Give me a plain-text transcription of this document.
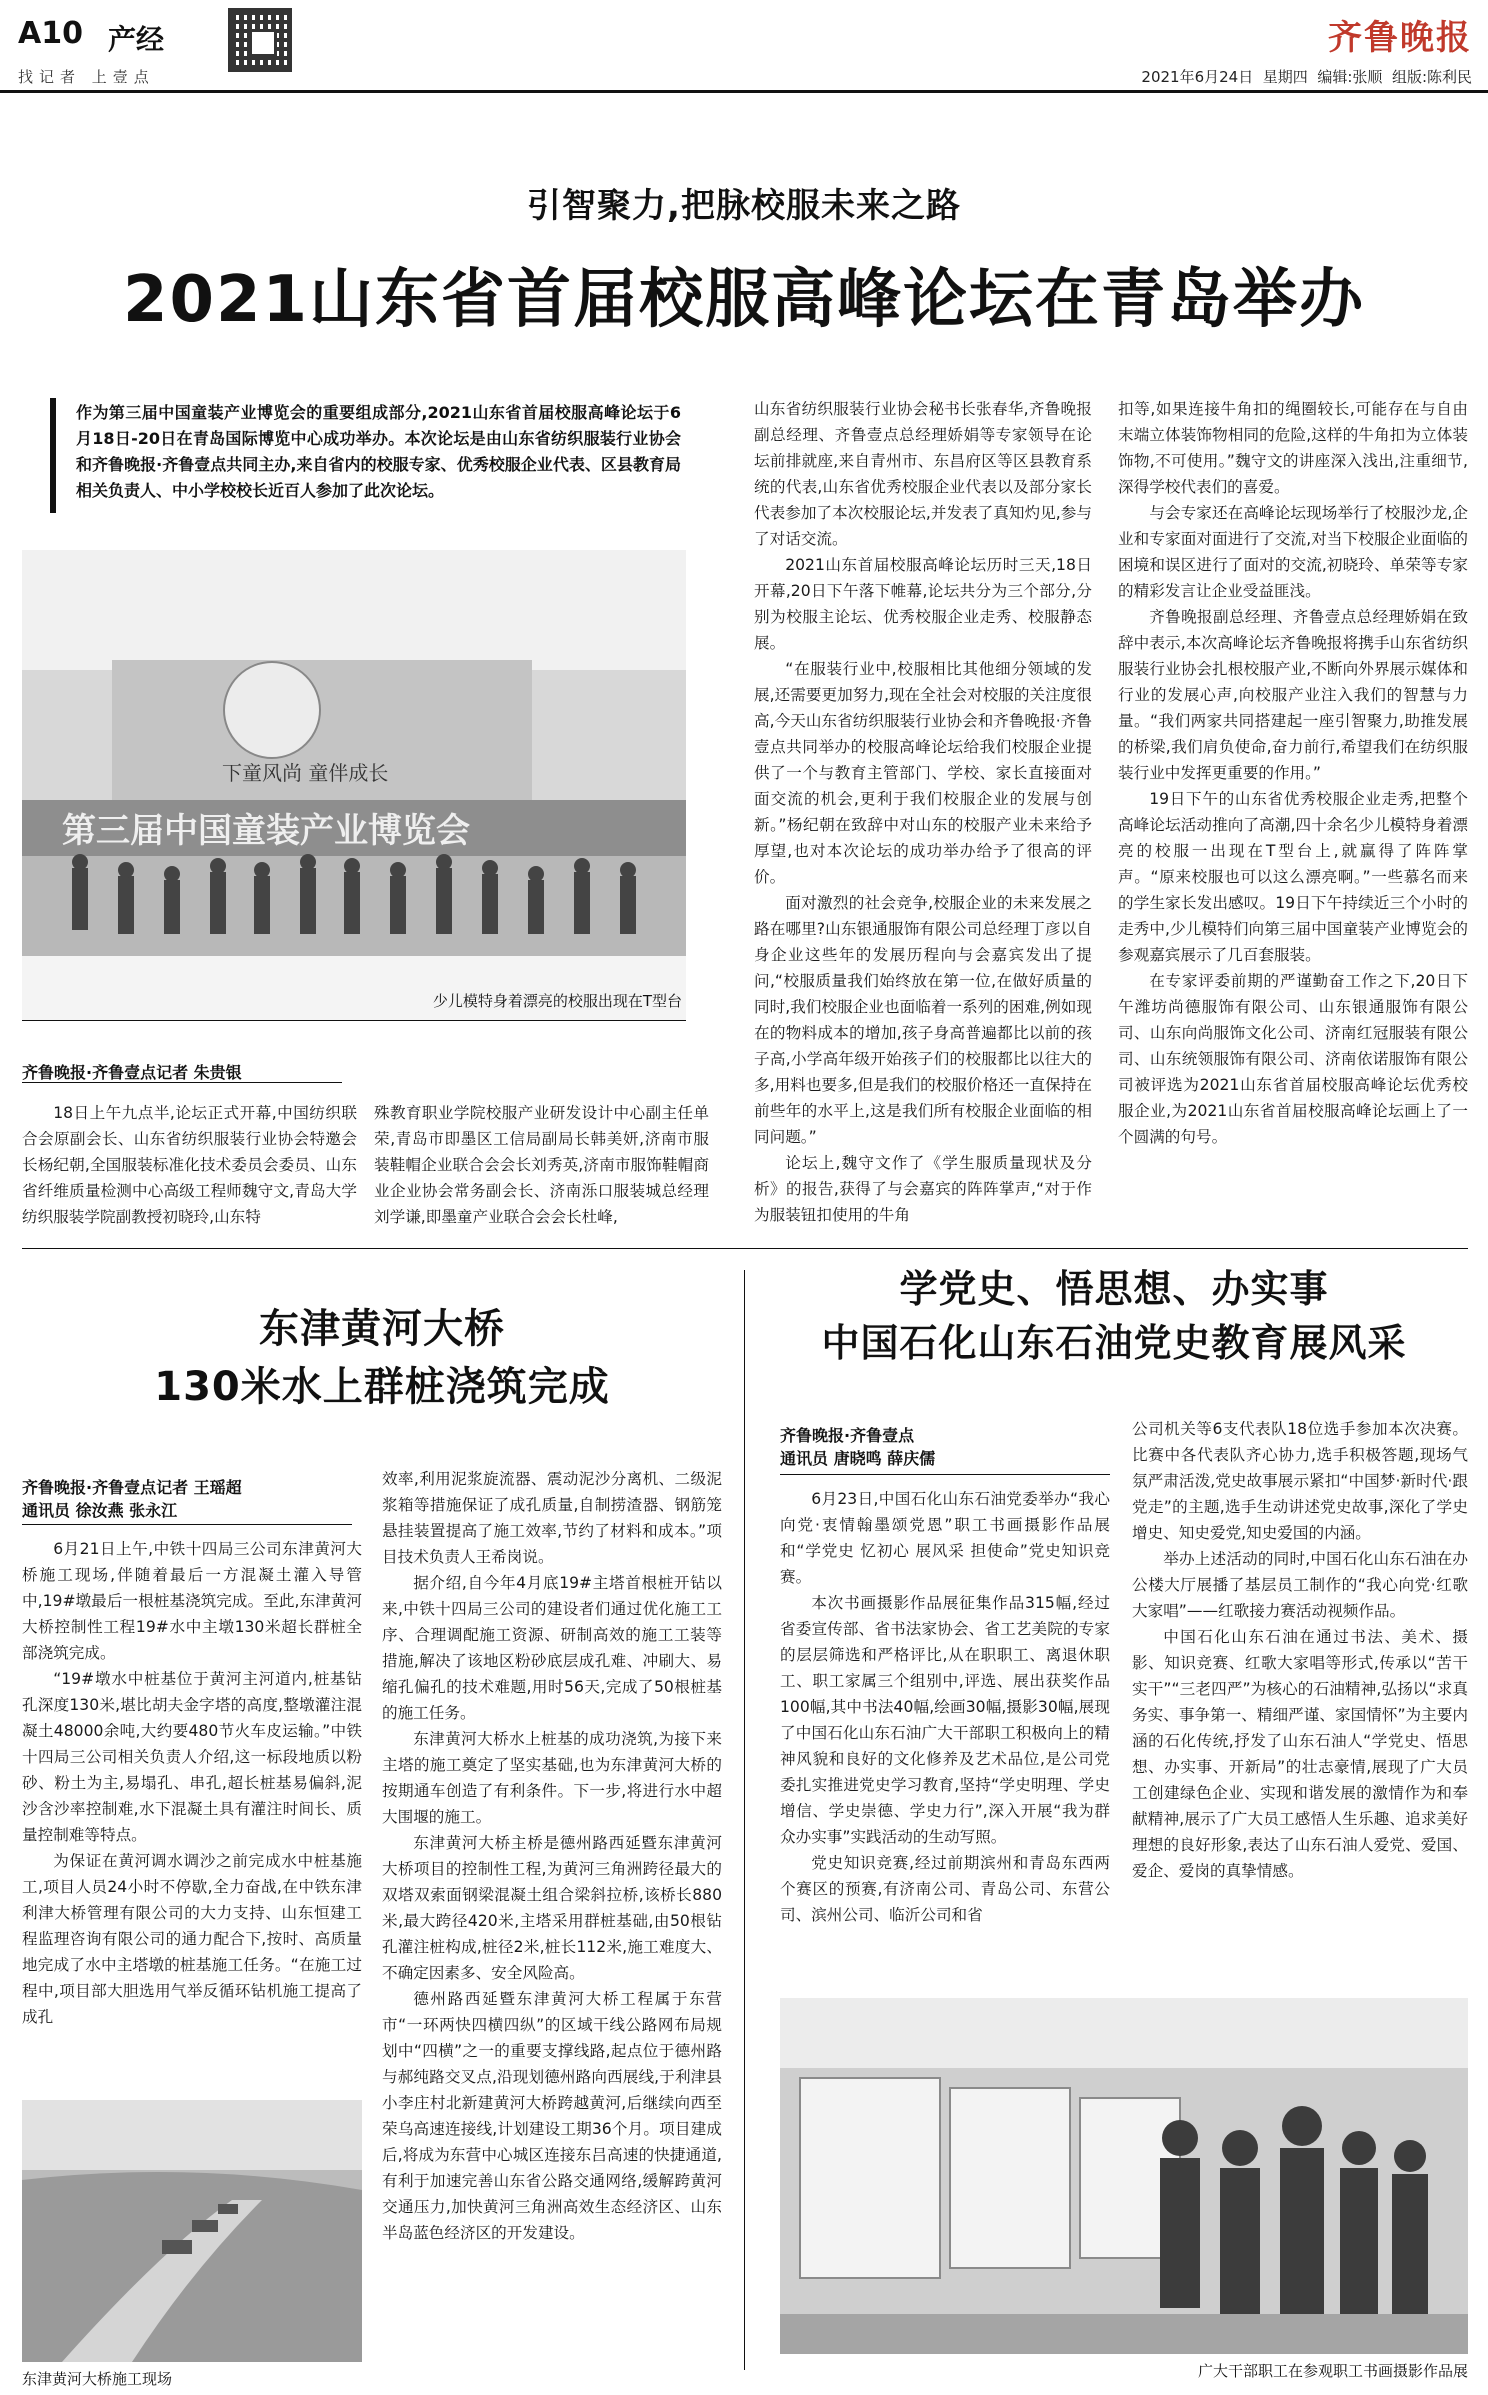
A10 产经
找记者 上壹点
齐鲁晚报
2021年6月24日 星期四 编辑:张顺 组版:陈利民
引智聚力,把脉校服未来之路
2021山东省首届校服高峰论坛在青岛举办
作为第三届中国童装产业博览会的重要组成部分,2021山东省首届校服高峰论坛于6月18日-20日在青岛国际博览中心成功举办。本次论坛是由山东省纺织服装行业协会和齐鲁晚报·齐鲁壹点共同主办,来自省内的校服专家、优秀校服企业代表、区县教育局相关负责人、中小学校校长近百人参加了此次论坛。
下童风尚 童伴成长
第三届中国童装产业博览会
少儿模特身着漂亮的校服出现在T型台
齐鲁晚报·齐鲁壹点记者 朱贵银

18日上午九点半,论坛正式开幕,中国纺织联合会原副会长、山东省纺织服装行业协会特邀会长杨纪朝,全国服装标准化技术委员会委员、山东省纤维质量检测中心高级工程师魏守文,青岛大学纺织服装学院副教授初晓玲,山东特

殊教育职业学院校服产业研发设计中心副主任单荣,青岛市即墨区工信局副局长韩美妍,济南市服装鞋帽企业联合会会长刘秀英,济南市服饰鞋帽商业企业协会常务副会长、济南泺口服装城总经理刘学谦,即墨童产业联合会会长杜峰,

山东省纺织服装行业协会秘书长张春华,齐鲁晚报副总经理、齐鲁壹点总经理娇娟等专家领导在论坛前排就座,来自青州市、东昌府区等区县教育系统的代表,山东省优秀校服企业代表以及部分家长代表参加了本次校服论坛,并发表了真知灼见,参与了对话交流。

2021山东首届校服高峰论坛历时三天,18日开幕,20日下午落下帷幕,论坛共分为三个部分,分别为校服主论坛、优秀校服企业走秀、校服静态展。

“在服装行业中,校服相比其他细分领域的发展,还需要更加努力,现在全社会对校服的关注度很高,今天山东省纺织服装行业协会和齐鲁晚报·齐鲁壹点共同举办的校服高峰论坛给我们校服企业提供了一个与教育主管部门、学校、家长直接面对面交流的机会,更利于我们校服企业的发展与创新。”杨纪朝在致辞中对山东的校服产业未来给予厚望,也对本次论坛的成功举办给予了很高的评价。

面对激烈的社会竞争,校服企业的未来发展之路在哪里?山东银通服饰有限公司总经理丁彦以自身企业这些年的发展历程向与会嘉宾发出了提问,“校服质量我们始终放在第一位,在做好质量的同时,我们校服企业也面临着一系列的困难,例如现在的物料成本的增加,孩子身高普遍都比以前的孩子高,小学高年级开始孩子们的校服都比以往大的多,用料也要多,但是我们的校服价格还一直保持在前些年的水平上,这是我们所有校服企业面临的相同问题。”

论坛上,魏守文作了《学生服质量现状及分析》的报告,获得了与会嘉宾的阵阵掌声,“对于作为服装钮扣使用的牛角

扣等,如果连接牛角扣的绳圈较长,可能存在与自由末端立体装饰物相同的危险,这样的牛角扣为立体装饰物,不可使用。”魏守文的讲座深入浅出,注重细节,深得学校代表们的喜爱。

与会专家还在高峰论坛现场举行了校服沙龙,企业和专家面对面进行了交流,对当下校服企业面临的困境和误区进行了面对的交流,初晓玲、单荣等专家的精彩发言让企业受益匪浅。

齐鲁晚报副总经理、齐鲁壹点总经理娇娟在致辞中表示,本次高峰论坛齐鲁晚报将携手山东省纺织服装行业协会扎根校服产业,不断向外界展示媒体和行业的发展心声,向校服产业注入我们的智慧与力量。“我们两家共同搭建起一座引智聚力,助推发展的桥梁,我们肩负使命,奋力前行,希望我们在纺织服装行业中发挥更重要的作用。”

19日下午的山东省优秀校服企业走秀,把整个高峰论坛活动推向了高潮,四十余名少儿模特身着漂亮的校服一出现在T型台上,就赢得了阵阵掌声。“原来校服也可以这么漂亮啊。”一些慕名而来的学生家长发出感叹。19日下午持续近三个小时的走秀中,少儿模特们向第三届中国童装产业博览会的参观嘉宾展示了几百套服装。

在专家评委前期的严谨勤奋工作之下,20日下午潍坊尚德服饰有限公司、山东银通服饰有限公司、山东向尚服饰文化公司、济南红冠服装有限公司、山东统领服饰有限公司、济南依诺服饰有限公司被评选为2021山东省首届校服高峰论坛优秀校服企业,为2021山东省首届校服高峰论坛画上了一个圆满的句号。

东津黄河大桥
130米水上群桩浇筑完成
齐鲁晚报·齐鲁壹点记者 王瑶超
通讯员 徐汝燕 张永江

6月21日上午,中铁十四局三公司东津黄河大桥施工现场,伴随着最后一方混凝土灌入导管中,19#墩最后一根桩基浇筑完成。至此,东津黄河大桥控制性工程19#水中主墩130米超长群桩全部浇筑完成。

“19#墩水中桩基位于黄河主河道内,桩基钻孔深度130米,堪比胡夫金字塔的高度,整墩灌注混凝土48000余吨,大约要480节火车皮运输。”中铁十四局三公司相关负责人介绍,这一标段地质以粉砂、粉土为主,易塌孔、串孔,超长桩基易偏斜,泥沙含沙率控制难,水下混凝土具有灌注时间长、质量控制难等特点。

为保证在黄河调水调沙之前完成水中桩基施工,项目人员24小时不停歇,全力奋战,在中铁东津利津大桥管理有限公司的大力支持、山东恒建工程监理咨询有限公司的通力配合下,按时、高质量地完成了水中主塔墩的桩基施工任务。“在施工过程中,项目部大胆选用气举反循环钻机施工提高了成孔

效率,利用泥浆旋流器、震动泥沙分离机、二级泥浆箱等措施保证了成孔质量,自制捞渣器、钢筋笼悬挂装置提高了施工效率,节约了材料和成本。”项目技术负责人王希岗说。

据介绍,自今年4月底19#主塔首根桩开钻以来,中铁十四局三公司的建设者们通过优化施工工序、合理调配施工资源、研制高效的施工工装等措施,解决了该地区粉砂底层成孔难、冲刷大、易缩孔偏孔的技术难题,用时56天,完成了50根桩基的施工任务。

东津黄河大桥水上桩基的成功浇筑,为接下来主塔的施工奠定了坚实基础,也为东津黄河大桥的按期通车创造了有利条件。下一步,将进行水中超大围堰的施工。

东津黄河大桥主桥是德州路西延暨东津黄河大桥项目的控制性工程,为黄河三角洲跨径最大的双塔双索面钢梁混凝土组合梁斜拉桥,该桥长880米,最大跨径420米,主塔采用群桩基础,由50根钻孔灌注桩构成,桩径2米,桩长112米,施工难度大、不确定因素多、安全风险高。

德州路西延暨东津黄河大桥工程属于东营市“一环两快四横四纵”的区域干线公路网布局规划中“四横”之一的重要支撑线路,起点位于德州路与郝纯路交叉点,沿现划德州路向西展线,于利津县小李庄村北新建黄河大桥跨越黄河,后继续向西至荣乌高速连接线,计划建设工期36个月。项目建成后,将成为东营中心城区连接东吕高速的快捷通道,有利于加速完善山东省公路交通网络,缓解跨黄河交通压力,加快黄河三角洲高效生态经济区、山东半岛蓝色经济区的开发建设。

东津黄河大桥施工现场
学党史、悟思想、办实事
中国石化山东石油党史教育展风采
齐鲁晚报·齐鲁壹点
通讯员 唐晓鸣 薛庆儒

6月23日,中国石化山东石油党委举办“我心向党·衷情翰墨颂党恩”职工书画摄影作品展和“学党史 忆初心 展风采 担使命”党史知识竞赛。

本次书画摄影作品展征集作品315幅,经过省委宣传部、省书法家协会、省工艺美院的专家的层层筛选和严格评比,从在职职工、离退休职工、职工家属三个组别中,评选、展出获奖作品100幅,其中书法40幅,绘画30幅,摄影30幅,展现了中国石化山东石油广大干部职工积极向上的精神风貌和良好的文化修养及艺术品位,是公司党委扎实推进党史学习教育,坚持“学史明理、学史增信、学史崇德、学史力行”,深入开展“我为群众办实事”实践活动的生动写照。

党史知识竞赛,经过前期滨州和青岛东西两个赛区的预赛,有济南公司、青岛公司、东营公司、滨州公司、临沂公司和省

公司机关等6支代表队18位选手参加本次决赛。比赛中各代表队齐心协力,选手积极答题,现场气氛严肃活泼,党史故事展示紧扣“中国梦·新时代·跟党走”的主题,选手生动讲述党史故事,深化了学史增史、知史爱党,知史爱国的内涵。

举办上述活动的同时,中国石化山东石油在办公楼大厅展播了基层员工制作的“我心向党·红歌大家唱”——红歌接力赛活动视频作品。

中国石化山东石油在通过书法、美术、摄影、知识竞赛、红歌大家唱等形式,传承以“苦干实干”“三老四严”为核心的石油精神,弘扬以“求真务实、事争第一、精细严谨、家国情怀”为主要内涵的石化传统,抒发了山东石油人“学党史、悟思想、办实事、开新局”的壮志豪情,展现了广大员工创建绿色企业、实现和谐发展的激情作为和奉献精神,展示了广大员工感悟人生乐趣、追求美好理想的良好形象,表达了山东石油人爱党、爱国、爱企、爱岗的真挚情感。

广大干部职工在参观职工书画摄影作品展
